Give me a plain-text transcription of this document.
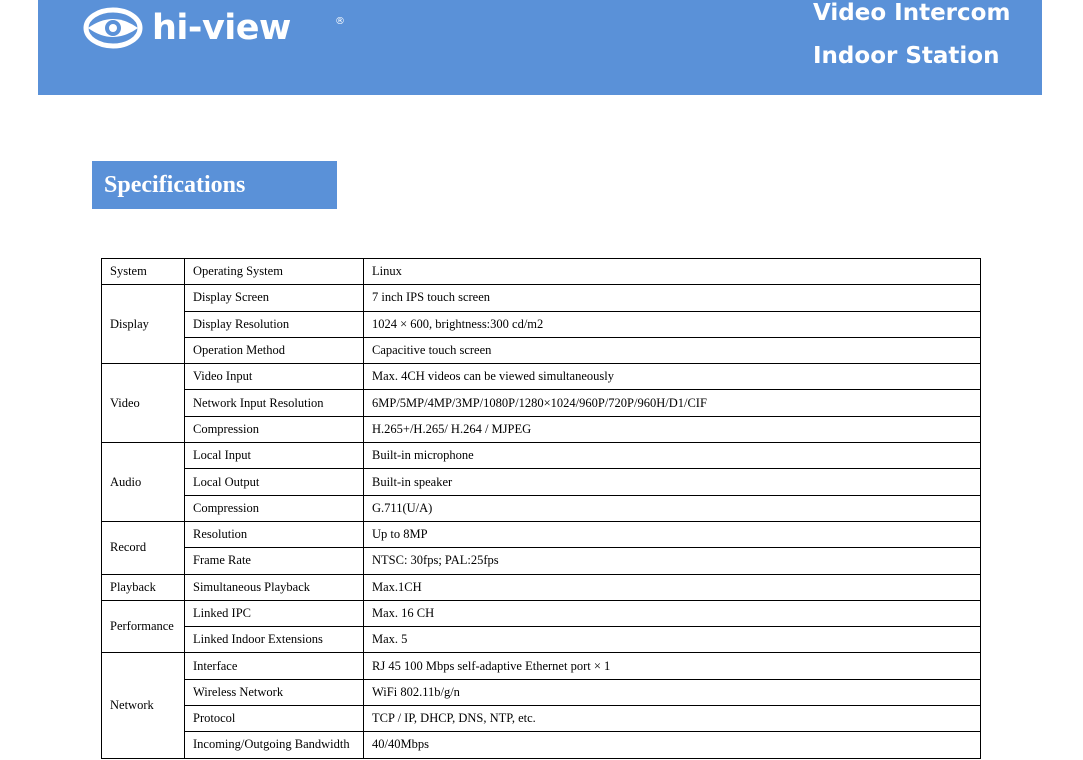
hi-view	®	Video Intercom
Indoor Station
Specifications
System	Operating System	Linux
Display	Display Screen	7 inch IPS touch screen
	Display Resolution	1024 × 600, brightness:300 cd/m2
	Operation Method	Capacitive touch screen
Video	Video Input	Max. 4CH videos can be viewed simultaneously
	Network Input Resolution	6MP/5MP/4MP/3MP/1080P/1280×1024/960P/720P/960H/D1/CIF
	Compression	H.265+/H.265/ H.264 / MJPEG
Audio	Local Input	Built-in microphone
	Local Output	Built-in speaker
	Compression	G.711(U/A)
Record	Resolution	Up to 8MP
	Frame Rate	NTSC: 30fps; PAL:25fps
Playback	Simultaneous Playback	Max.1CH
Performance	Linked IPC	Max. 16 CH
	Linked Indoor Extensions	Max. 5
Network	Interface	RJ 45 100 Mbps self-adaptive Ethernet port × 1
	Wireless Network	WiFi 802.11b/g/n
	Protocol	TCP / IP, DHCP, DNS, NTP, etc.
	Incoming/Outgoing Bandwidth	40/40Mbps
